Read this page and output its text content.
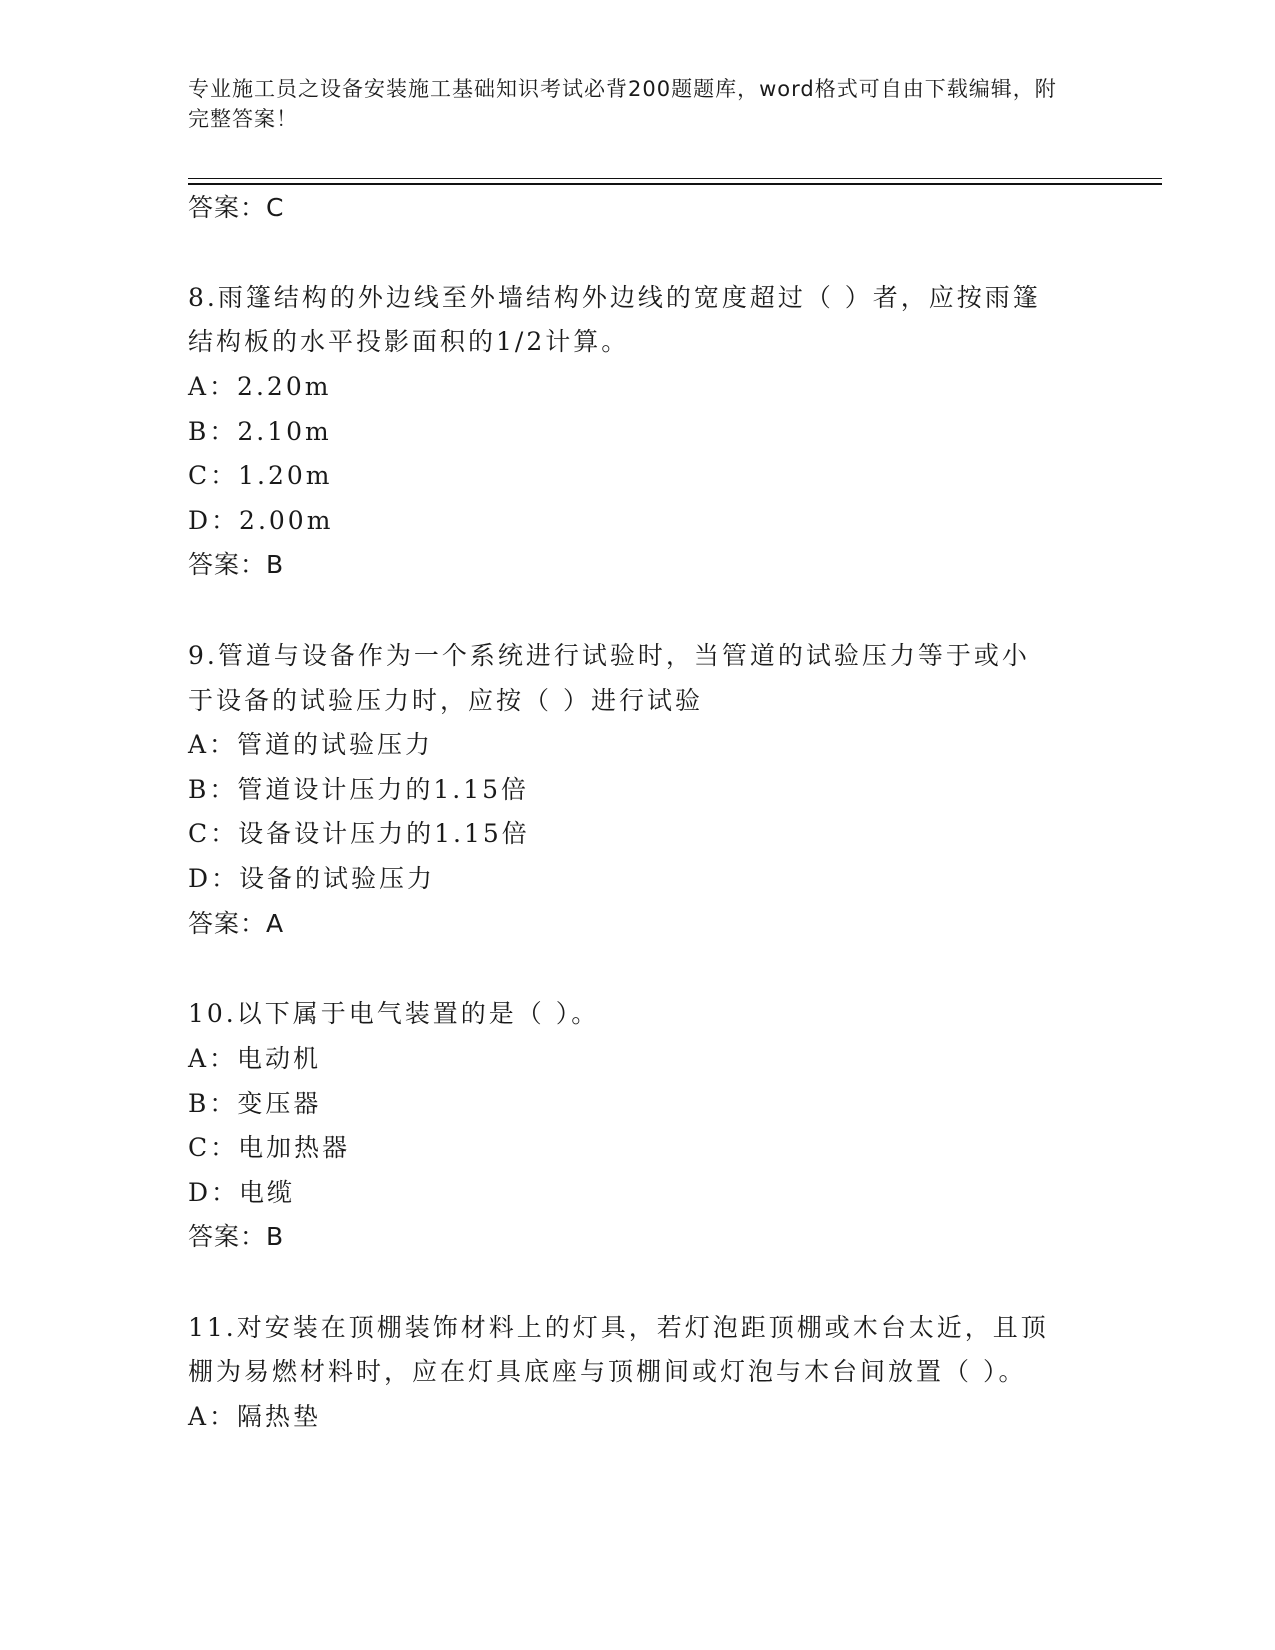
专业施工员之设备安装施工基础知识考试必背200题题库，word格式可自由下载编辑，附完整答案！
答案：C
8.雨篷结构的外边线至外墙结构外边线的宽度超过（ ）者，应按雨篷
结构板的水平投影面积的1/2计算。
A：2.20m
B：2.10m
C：1.20m
D：2.00m
答案：B
9.管道与设备作为一个系统进行试验时，当管道的试验压力等于或小
于设备的试验压力时，应按（ ）进行试验
A：管道的试验压力
B：管道设计压力的1.15倍
C：设备设计压力的1.15倍
D：设备的试验压力
答案：A
10.以下属于电气装置的是（ ）。
A：电动机
B：变压器
C：电加热器
D：电缆
答案：B
11.对安装在顶棚装饰材料上的灯具，若灯泡距顶棚或木台太近，且顶
棚为易燃材料时，应在灯具底座与顶棚间或灯泡与木台间放置（ ）。
A：隔热垫
